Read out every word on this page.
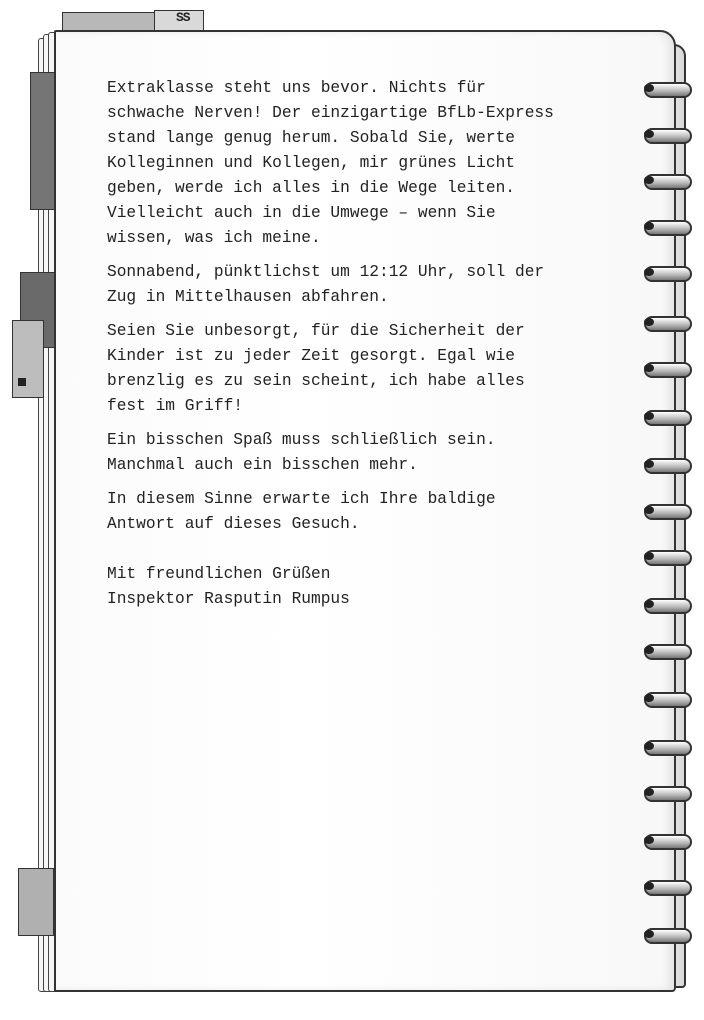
SS

Extraklasse steht uns bevor. Nichts für
schwache Nerven! Der einzigartige BfLb-Express
stand lange genug herum. Sobald Sie, werte
Kolleginnen und Kollegen, mir grünes Licht
geben, werde ich alles in die Wege leiten.
Vielleicht auch in die Umwege – wenn Sie
wissen, was ich meine.

Sonnabend, pünktlichst um 12:12 Uhr, soll der
Zug in Mittelhausen abfahren.

Seien Sie unbesorgt, für die Sicherheit der
Kinder ist zu jeder Zeit gesorgt. Egal wie
brenzlig es zu sein scheint, ich habe alles
fest im Griff!

Ein bisschen Spaß muss schließlich sein.
Manchmal auch ein bisschen mehr.

In diesem Sinne erwarte ich Ihre baldige
Antwort auf dieses Gesuch.

Mit freundlichen Grüßen
Inspektor Rasputin Rumpus
